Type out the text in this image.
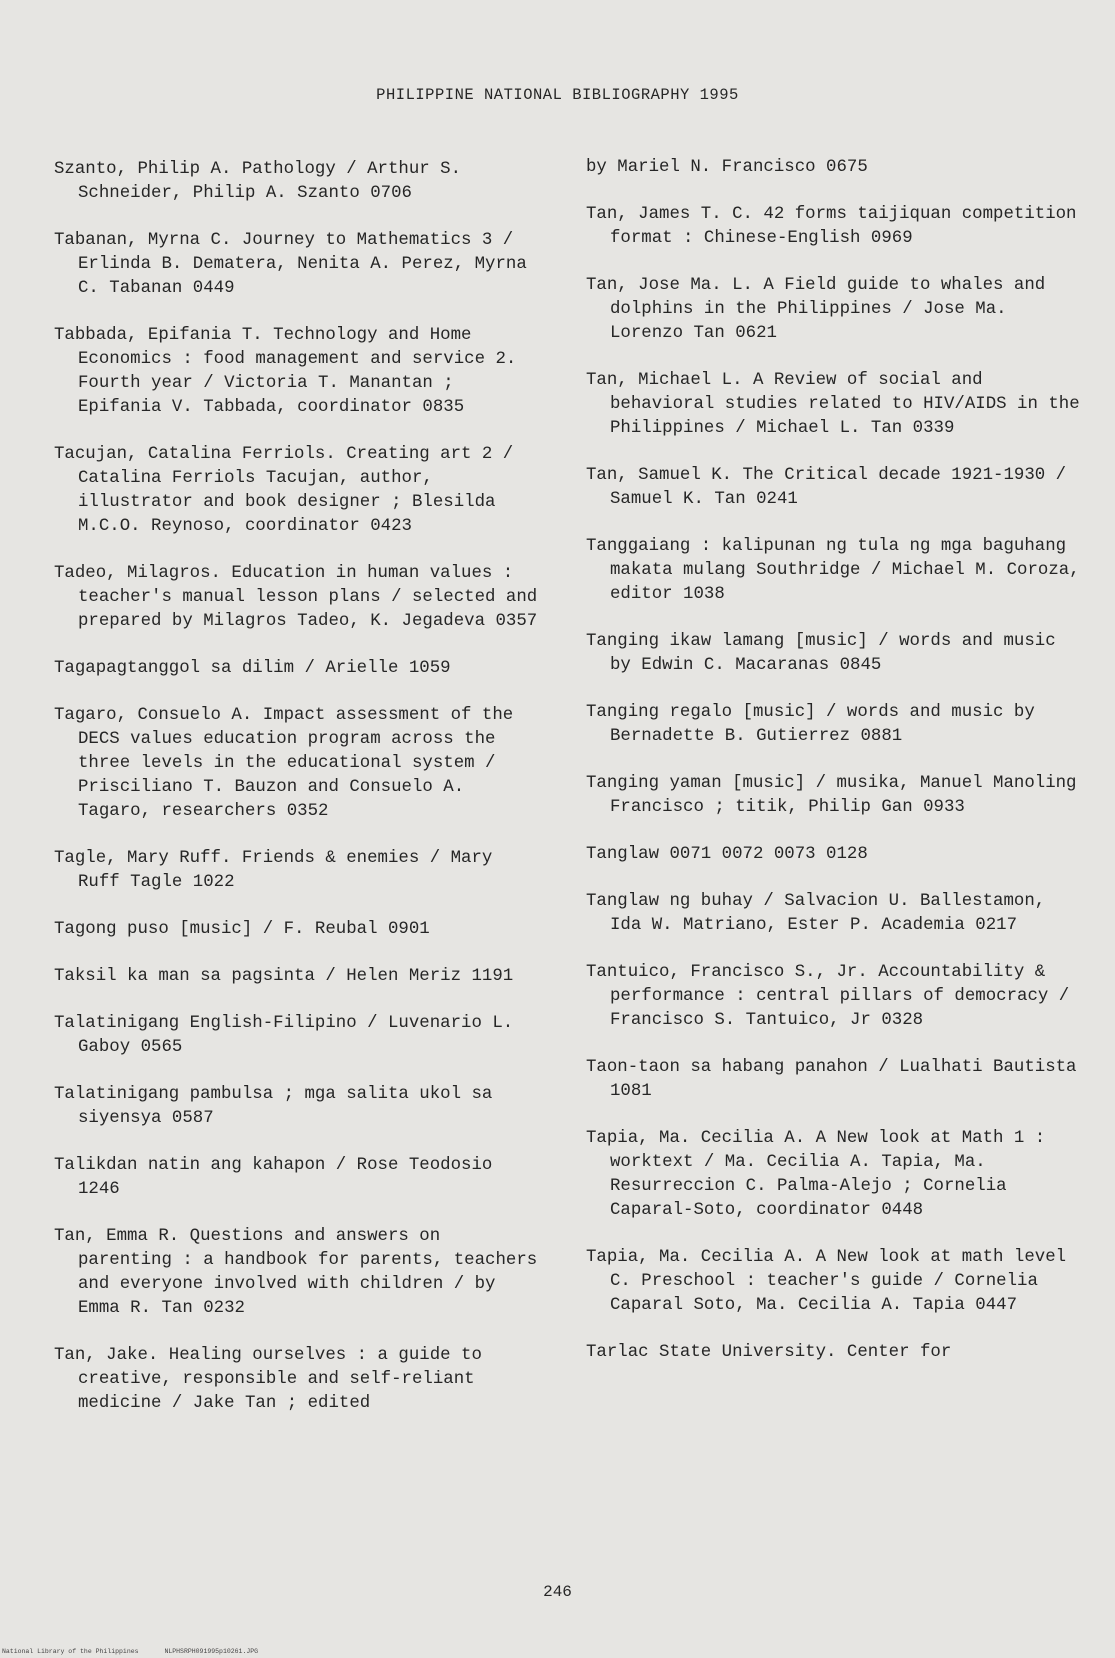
PHILIPPINE NATIONAL BIBLIOGRAPHY 1995
Szanto, Philip A. Pathology / Arthur S. Schneider, Philip A. Szanto 0706
Tabanan, Myrna C. Journey to Mathematics 3 / Erlinda B. Dematera, Nenita A. Perez, Myrna C. Tabanan 0449
Tabbada, Epifania T. Technology and Home Economics : food management and service 2. Fourth year / Victoria T. Manantan ; Epifania V. Tabbada, coordinator 0835
Tacujan, Catalina Ferriols. Creating art 2 / Catalina Ferriols Tacujan, author, illustrator and book designer ; Blesilda M.C.O. Reynoso, coordinator 0423
Tadeo, Milagros. Education in human values : teacher's manual lesson plans / selected and prepared by Milagros Tadeo, K. Jegadeva 0357
Tagapagtanggol sa dilim / Arielle 1059
Tagaro, Consuelo A. Impact assessment of the DECS values education program across the three levels in the educational system / Prisciliano T. Bauzon and Consuelo A. Tagaro, researchers 0352
Tagle, Mary Ruff. Friends & enemies / Mary Ruff Tagle 1022
Tagong puso [music] / F. Reubal 0901
Taksil ka man sa pagsinta / Helen Meriz 1191
Talatinigang English-Filipino / Luvenario L. Gaboy 0565
Talatinigang pambulsa ; mga salita ukol sa siyensya 0587
Talikdan natin ang kahapon / Rose Teodosio 1246
Tan, Emma R. Questions and answers on parenting : a handbook for parents, teachers and everyone involved with children / by Emma R. Tan 0232
Tan, Jake. Healing ourselves : a guide to creative, responsible and self-reliant medicine / Jake Tan ; edited
by Mariel N. Francisco 0675
Tan, James T. C. 42 forms taijiquan competition format : Chinese-English 0969
Tan, Jose Ma. L. A Field guide to whales and dolphins in the Philippines / Jose Ma. Lorenzo Tan 0621
Tan, Michael L. A Review of social and behavioral studies related to HIV/AIDS in the Philippines / Michael L. Tan 0339
Tan, Samuel K. The Critical decade 1921-1930 / Samuel K. Tan 0241
Tanggaiang : kalipunan ng tula ng mga baguhang makata mulang Southridge / Michael M. Coroza, editor 1038
Tanging ikaw lamang [music] / words and music by Edwin C. Macaranas 0845
Tanging regalo [music] / words and music by Bernadette B. Gutierrez 0881
Tanging yaman [music] / musika, Manuel Manoling Francisco ; titik, Philip Gan 0933
Tanglaw 0071 0072 0073 0128
Tanglaw ng buhay / Salvacion U. Ballestamon, Ida W. Matriano, Ester P. Academia 0217
Tantuico, Francisco S., Jr. Accountability & performance : central pillars of democracy / Francisco S. Tantuico, Jr 0328
Taon-taon sa habang panahon / Lualhati Bautista 1081
Tapia, Ma. Cecilia A. A New look at Math 1 : worktext / Ma. Cecilia A. Tapia, Ma. Resurreccion C. Palma-Alejo ; Cornelia Caparal-Soto, coordinator 0448
Tapia, Ma. Cecilia A. A New look at math level C. Preschool : teacher's guide / Cornelia Caparal Soto, Ma. Cecilia A. Tapia 0447
Tarlac State University. Center for
246
National Library of the Philippines	NLPHSRPH091995p10261.JPG
